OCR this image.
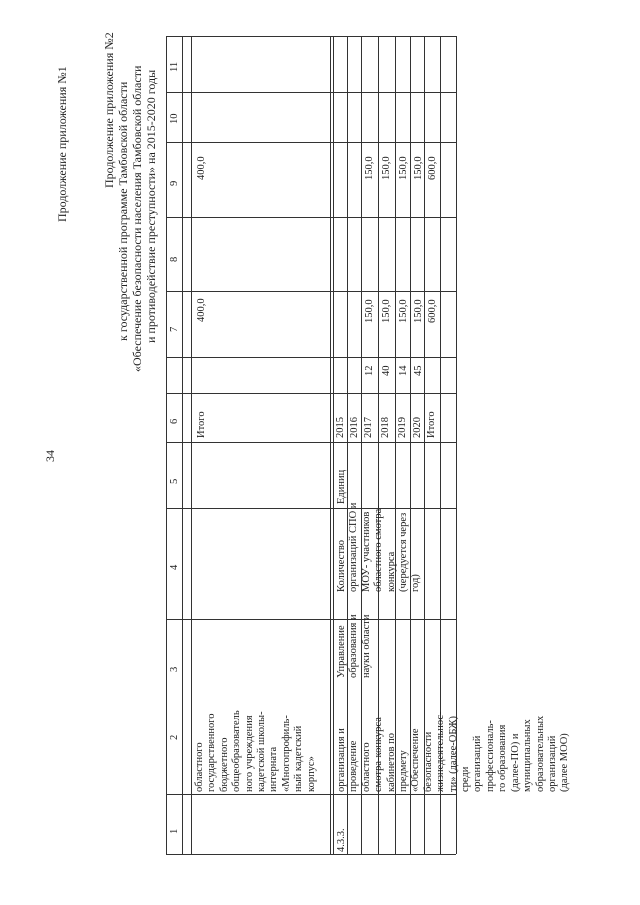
34
Продолжение приложения №1	Продолжение приложения №2 к государственной программе Тамбовской области «Обеспечение безопасности населения Тамбовской области и противодействие преступности» на 2015-2020 годы
1
2
3
4
5
6
7
8
9
10
11
областного государственного бюджетного общеобразователь ного учреждения кадетской школы- интерната «Многопрофиль- ный кадетский корпус»
Итого
400,0
400,0
4.3.3.
организация и проведение областного смотра-конкурса кабинетов по предмету «Обеспечение безопасности жизнедеятельнос- ти» (далее-ОБЖ) среди организаций профессиональ- го образования (далее-ПО) и муниципальных образовательных организаций (далее МОО)
Управление образования и науки области
Количество организаций СПО и МОУ- участников областного смотра- конкурса (чередуется через год)
Единиц
2015 2016 2017 2018 2019 2020 Итого
12 40 14 45
150,0 150,0 150,0 150,0 600,0
150,0 150,0 150,0 150,0 600,0
